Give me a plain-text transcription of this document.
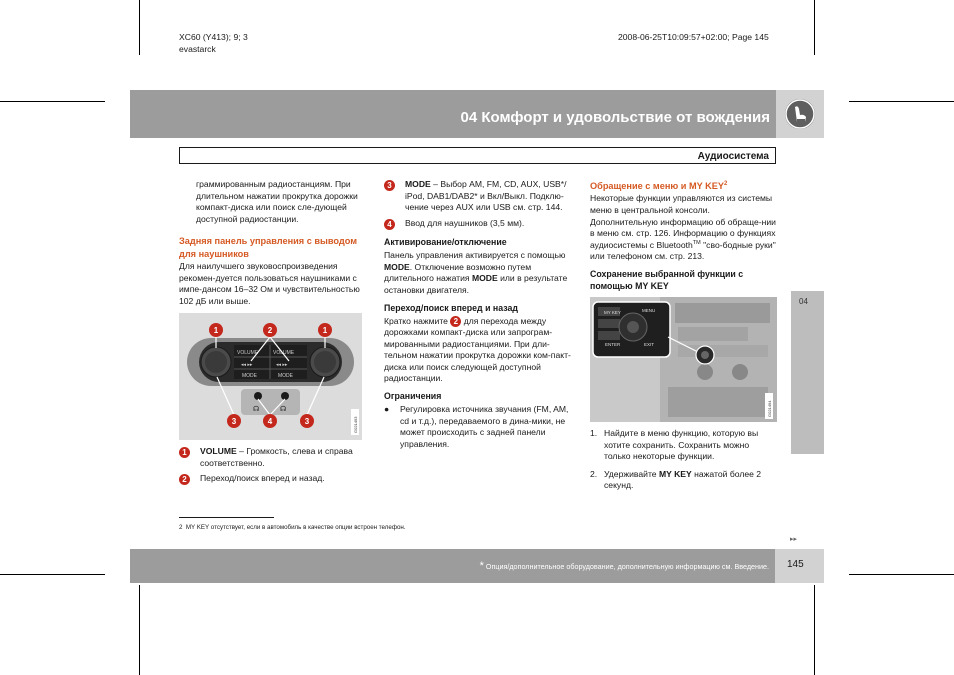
XC60 (Y413); 9; 3
evastarck
2008-06-25T10:09:57+02:00; Page 145
04 Комфорт и удовольствие от вождения
Аудиосистема
04

граммированным радиостанциям. При длительном нажатии прокрутка дорожки компакт-диска или поиск сле-дующей доступной радиостанции.

Задняя панель управления с выводом для наушников

Для наилучшего звуковоспроизведения рекомен-дуется пользоваться наушниками с импе-дансом 16–32 Ом и чувствительностью 102 дБ или выше.

VOLUME	VOLUME
◂◂ ▸▸	◂◂ ▸▸
MODE	MODE
☊	☊
1	2	1
3	4	3	G021493
1	VOLUME – Громкость, слева и справа соответственно.
2	Переход/поиск вперед и назад.
3	MODE – Выбор AM, FM, CD, AUX, USB*/ iPod, DAB1/DAB2* и Вкл/Выкл. Подклю-чение через AUX или USB см. стр. 144.
4	Ввод для наушников (3,5 мм).
Активирование/отключение

Панель управления активируется с помощью MODE. Отключение возможно путем длительного нажатия MODE или в результате остановки двигателя.

Переход/поиск вперед и назад

Кратко нажмите 2 для перехода между дорожками компакт-диска или запрограм-мированными радиостанциями. При дли-тельном нажатии прокрутка дорожки ком-пакт-диска или поиск следующей доступной радиостанции.

Ограничения
● Регулировка источника звучания (FM, AM, cd и т.д.), передаваемого в дина-мики, не может происходить с задней панели управления.
Обращение с меню и MY KEY$^2$

Некоторые функции управляются из системы меню в центральной консоли. Дополнительную информацию об обраще-нии в меню см. стр. 126. Информацию о функциях аудиосистемы с Bluetooth™ "сво-бодные руки" или телефоном см. стр. 213.

Сохранение выбранной функции с помощью MY KEY
MY KEY	MENU
ENTER	EXIT
G021494
1. Найдите в меню функцию, которую вы хотите сохранить. Сохранить можно только некоторые функции.
2. Удерживайте MY KEY нажатой более 2 секунд.
2 MY KEY отсутствует, если в автомобиль в качестве опции встроен телефон.
▸▸
* Опция/дополнительное оборудование, дополнительную информацию см. Введение. 145
